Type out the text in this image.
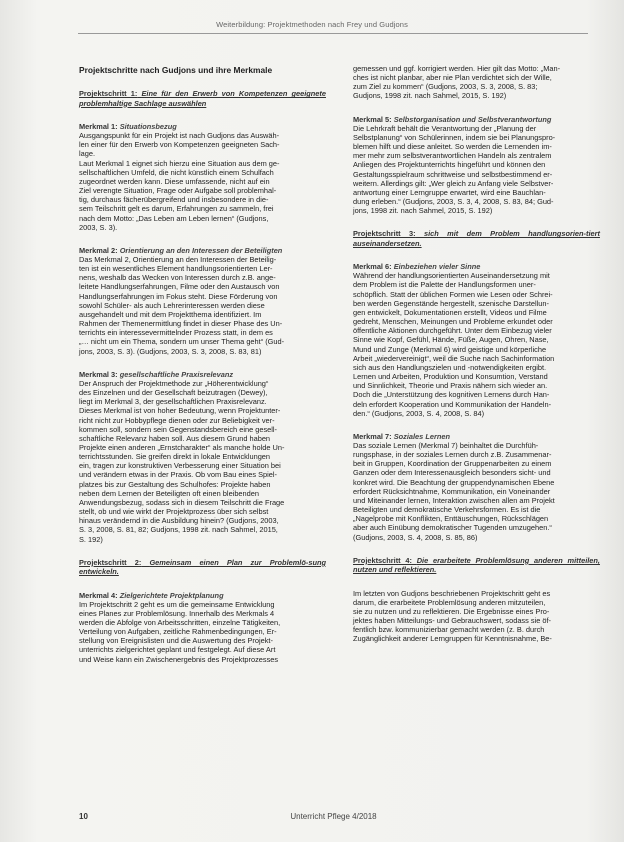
Weiterbildung: Projektmethoden nach Frey und Gudjons
Projektschritte nach Gudjons und ihre Merkmale
Projektschritt 1: Eine für den Erwerb von Kompetenzen geeignete problemhaltige Sachlage auswählen
Merkmal 1: Situationsbezug
Ausgangspunkt für ein Projekt ist nach Gudjons das Auswäh-
len einer für den Erwerb von Kompetenzen geeigneten Sach-
lage.
Laut Merkmal 1 eignet sich hierzu eine Situation aus dem ge-
sellschaftlichen Umfeld, die nicht künstlich einem Schulfach
zugeordnet werden kann. Diese umfassende, nicht auf ein
Ziel verengte Situation, Frage oder Aufgabe soll problemhal-
tig, durchaus fächerübergreifend und insbesondere in die-
sem Teilschritt gelt es darum, Erfahrungen zu sammeln, frei
nach dem Motto: „Das Leben am Leben lernen“ (Gudjons,
2003, S. 3).
Merkmal 2: Orientierung an den Interessen der Beteiligten
Das Merkmal 2, Orientierung an den Interessen der Beteilig-
ten ist ein wesentliches Element handlungsorientierten Ler-
nens, weshalb das Wecken von Interessen durch z.B. ange-
leitete Handlungserfahrungen, Filme oder den Austausch von
Handlungserfahrungen im Fokus steht. Diese Förderung von
sowohl Schüler- als auch Lehrerinteressen werden diese
ausgehandelt und mit dem Projektthema identifiziert. Im
Rahmen der Themenermittlung findet in dieser Phase des Un-
terrichts ein interessevermittelnder Prozess statt, in dem es
„… nicht um ein Thema, sondern um unser Thema geht“ (Gud-
jons, 2003, S. 3). (Gudjons, 2003, S. 3, 2008, S. 83, 81)
Merkmal 3: gesellschaftliche Praxisrelevanz
Der Anspruch der Projektmethode zur „Höherentwicklung“
des Einzelnen und der Gesellschaft beizutragen (Dewey),
liegt im Merkmal 3, der gesellschaftlichen Praxisrelevanz.
Dieses Merkmal ist von hoher Bedeutung, wenn Projektunter-
richt nicht zur Hobbypflege dienen oder zur Beliebigkeit ver-
kommen soll, sondern sein Gegenstandsbereich eine gesell-
schaftliche Relevanz haben soll. Aus diesem Grund haben
Projekte einen anderen „Ernstcharakter“ als manche holde Un-
terrichtsstunden. Sie greifen direkt in lokale Entwicklungen
ein, tragen zur konstruktiven Verbesserung einer Situation bei
und verändern etwas in der Praxis. Ob vom Bau eines Spiel-
platzes bis zur Gestaltung des Schulhofes: Projekte haben
neben dem Lernen der Beteiligten oft einen bleibenden
Anwendungsbezug, sodass sich in diesem Teilschritt die Frage
stellt, ob und wie wirkt der Projektprozess über sich selbst
hinaus verändernd in die Ausbildung hinein? (Gudjons, 2003,
S. 3, 2008, S. 81, 82; Gudjons, 1998 zit. nach Sahmel, 2015,
S. 192)
Projektschritt 2: Gemeinsam einen Plan zur Problemlö-sung entwickeln.
Merkmal 4: Zielgerichtete Projektplanung
Im Projektschritt 2 geht es um die gemeinsame Entwicklung
eines Planes zur Problemlösung. Innerhalb des Merkmals 4
werden die Abfolge von Arbeitsschritten, einzelne Tätigkeiten,
Verteilung von Aufgaben, zeitliche Rahmenbedingungen, Er-
stellung von Ereignislisten und die Auswertung des Projekt-
unterrichts zielgerichtet geplant und festgelegt. Auf diese Art
und Weise kann ein Zwischenergebnis des Projektprozesses
gemessen und ggf. korrigiert werden. Hier gilt das Motto: „Man-
ches ist nicht planbar, aber nie Plan verdichtet sich der Wille,
zum Ziel zu kommen“ (Gudjons, 2003, S. 3, 2008, S. 83;
Gudjons, 1998 zit. nach Sahmel, 2015, S. 192)
Merkmal 5: Selbstorganisation und Selbstverantwortung
Die Lehrkraft behält die Verantwortung der „Planung der
Selbstplanung“ von Schülerinnen, indem sie bei Planungspro-
blemen hilft und diese anleitet. So werden die Lernenden im-
mer mehr zum selbstverantwortlichen Handeln als zentralem
Anliegen des Projektunterrichts hingeführt und können den
Gestaltungsspielraum schrittweise und selbstbestimmend er-
weitern. Allerdings gilt: „Wer gleich zu Anfang viele Selbstver-
antwortung einer Lerngruppe erwartet, wird eine Bauchlan-
dung erleben.“ (Gudjons, 2003, S. 3, 4, 2008, S. 83, 84; Gud-
jons, 1998 zit. nach Sahmel, 2015, S. 192)
Projektschritt 3: sich mit dem Problem handlungsorien-tiert auseinandersetzen.
Merkmal 6: Einbeziehen vieler Sinne
Während der handlungsorientierten Auseinandersetzung mit
dem Problem ist die Palette der Handlungsformen uner-
schöpflich. Statt der üblichen Formen wie Lesen oder Schrei-
ben werden Gegenstände hergestellt, szenische Darstellun-
gen entwickelt, Dokumentationen erstellt, Videos und Filme
gedreht, Menschen, Meinungen und Probleme erkundet oder
öffentliche Aktionen durchgeführt. Unter dem Einbezug vieler
Sinne wie Kopf, Gefühl, Hände, Füße, Augen, Ohren, Nase,
Mund und Zunge (Merkmal 6) wird geistige und körperliche
Arbeit „wiedervereinigt“, weil die Suche nach Sachinformation
sich aus den Handlungszielen und -notwendigkeiten ergibt.
Lernen und Arbeiten, Produktion und Konsumtion, Verstand
und Sinnlichkeit, Theorie und Praxis nähern sich wieder an.
Doch die „Unterstützung des kognitiven Lernens durch Han-
deln erfordert Kooperation und Kommunikation der Handeln-
den.“ (Gudjons, 2003, S. 4, 2008, S. 84)
Merkmal 7: Soziales Lernen
Das soziale Lernen (Merkmal 7) beinhaltet die Durchfüh-
rungsphase, in der soziales Lernen durch z.B. Zusammenar-
beit in Gruppen, Koordination der Gruppenarbeiten zu einem
Ganzen oder dem Interessenausgleich besonders sicht- und
konkret wird. Die Beachtung der gruppendynamischen Ebene
erfordert Rücksichtnahme, Kommunikation, ein Voneinander
und Miteinander lernen, Interaktion zwischen allen am Projekt
Beteiligten und demokratische Verkehrsformen. Es ist die
„Nagelprobe mit Konflikten, Enttäuschungen, Rückschlägen
aber auch Einübung demokratischer Tugenden umzugehen.“
(Gudjons, 2003, S. 4, 2008, S. 85, 86)
Projektschritt 4: Die erarbeitete Problemlösung anderen mitteilen, nutzen und reflektieren.
Im letzten von Gudjons beschriebenen Projektschritt geht es
darum, die erarbeitete Problemlösung anderen mitzuteilen,
sie zu nutzen und zu reflektieren. Die Ergebnisse eines Pro-
jektes haben Mitteilungs- und Gebrauchswert, sodass sie öf-
fentlich bzw. kommunizierbar gemacht werden (z. B. durch
Zugänglichkeit anderer Lerngruppen für Kenntnisnahme, Be-
10	Unterricht Pflege 4/2018
